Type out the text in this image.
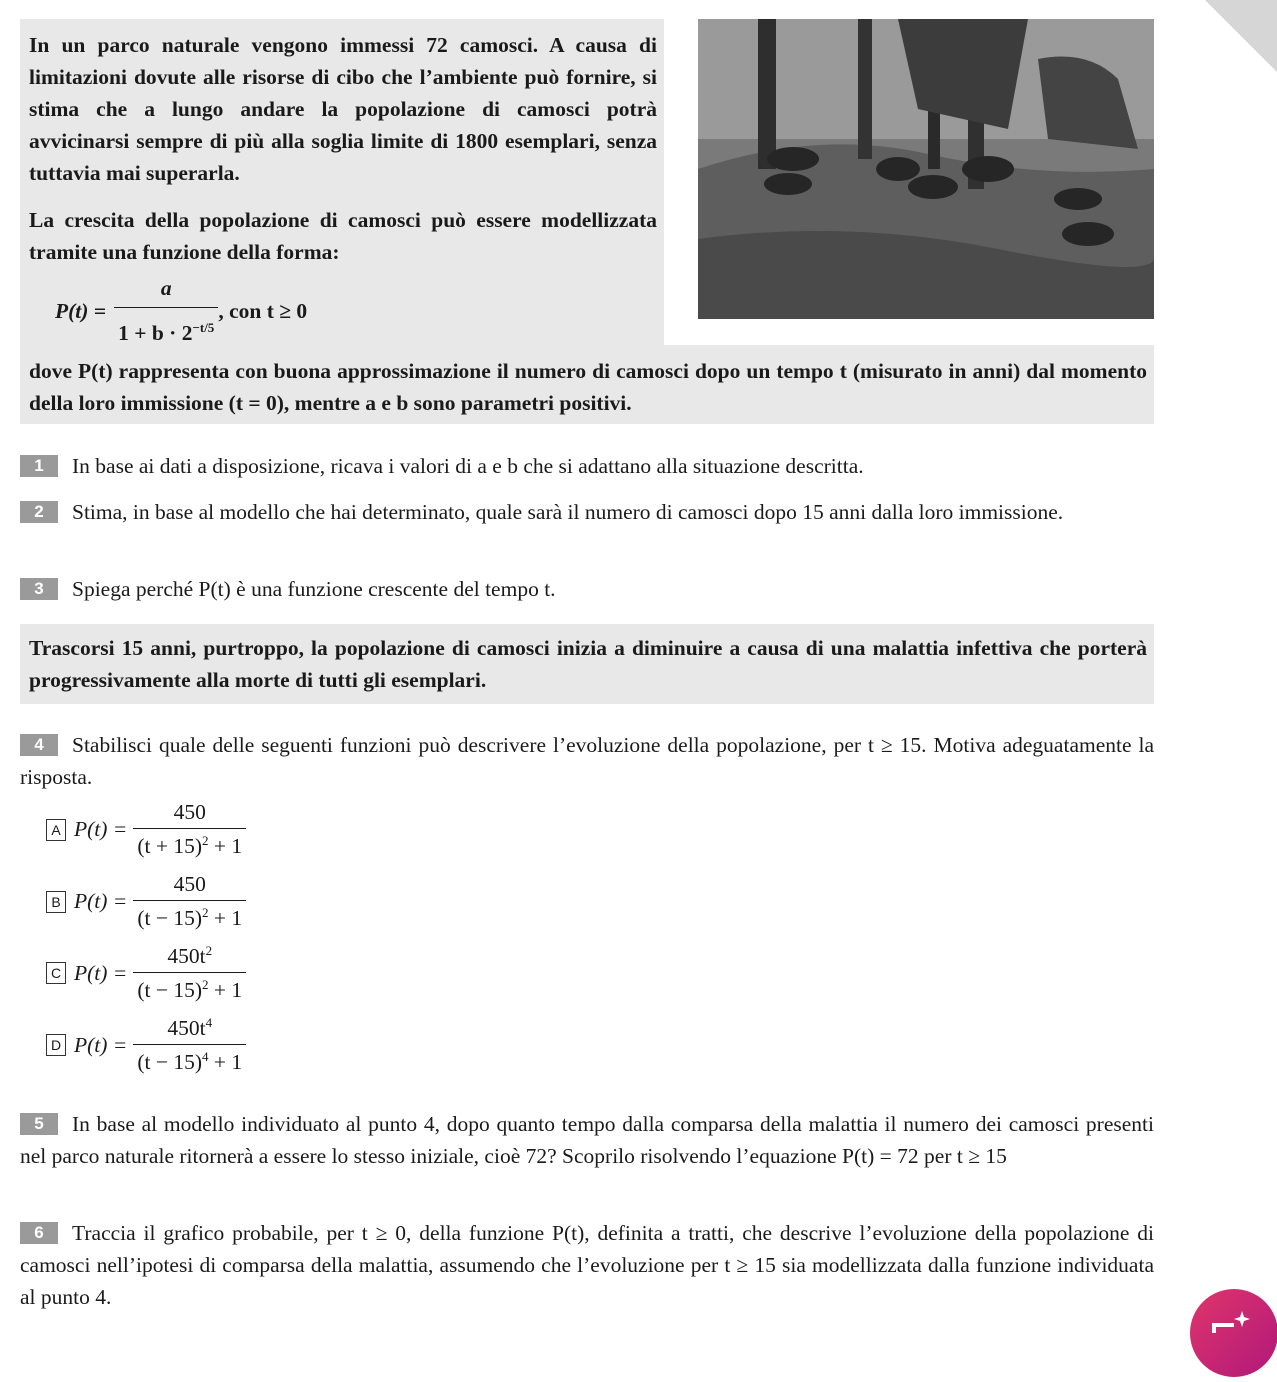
In un parco naturale vengono immessi 72 camosci. A causa di limitazioni dovute alle risorse di cibo che l’ambiente può fornire, si stima che a lungo andare la popolazione di camosci potrà avvicinarsi sempre di più alla soglia limite di 1800 esemplari, senza tuttavia mai superarla.
La crescita della popolazione di camosci può essere modellizzata tramite una funzione della forma:
$P(t) = \frac{a}{1 + b \cdot 2^{-t/5}}$ , con t ≥ 0
dove P(t) rappresenta con buona approssimazione il numero di camosci dopo un tempo t (misurato in anni) dal momento della loro immissione (t = 0), mentre a e b sono parametri positivi.
1 In base ai dati a disposizione, ricava i valori di a e b che si adattano alla situazione descritta.
2 Stima, in base al modello che hai determinato, quale sarà il numero di camosci dopo 15 anni dalla loro immissione.
3 Spiega perché P(t) è una funzione crescente del tempo t.
Trascorsi 15 anni, purtroppo, la popolazione di camosci inizia a diminuire a causa di una malattia infettiva che porterà progressivamente alla morte di tutti gli esemplari.
4 Stabilisci quale delle seguenti funzioni può descrivere l’evoluzione della popolazione, per t ≥ 15. Motiva adeguatamente la risposta.
A $P(t) = \frac{450}{(t + 15)^2 + 1}$
B $P(t) = \frac{450}{(t - 15)^2 + 1}$
C $P(t) = \frac{450t^2}{(t - 15)^2 + 1}$
D $P(t) = \frac{450t^4}{(t - 15)^4 + 1}$
5 In base al modello individuato al punto 4, dopo quanto tempo dalla comparsa della malattia il numero dei camosci presenti nel parco naturale ritornerà a essere lo stesso iniziale, cioè 72? Scoprilo risolvendo l’equazione P(t) = 72 per t ≥ 15
6 Traccia il grafico probabile, per t ≥ 0, della funzione P(t), definita a tratti, che descrive l’evoluzione della popolazione di camosci nell’ipotesi di comparsa della malattia, assumendo che l’evoluzione per t ≥ 15 sia modellizzata dalla funzione individuata al punto 4.
